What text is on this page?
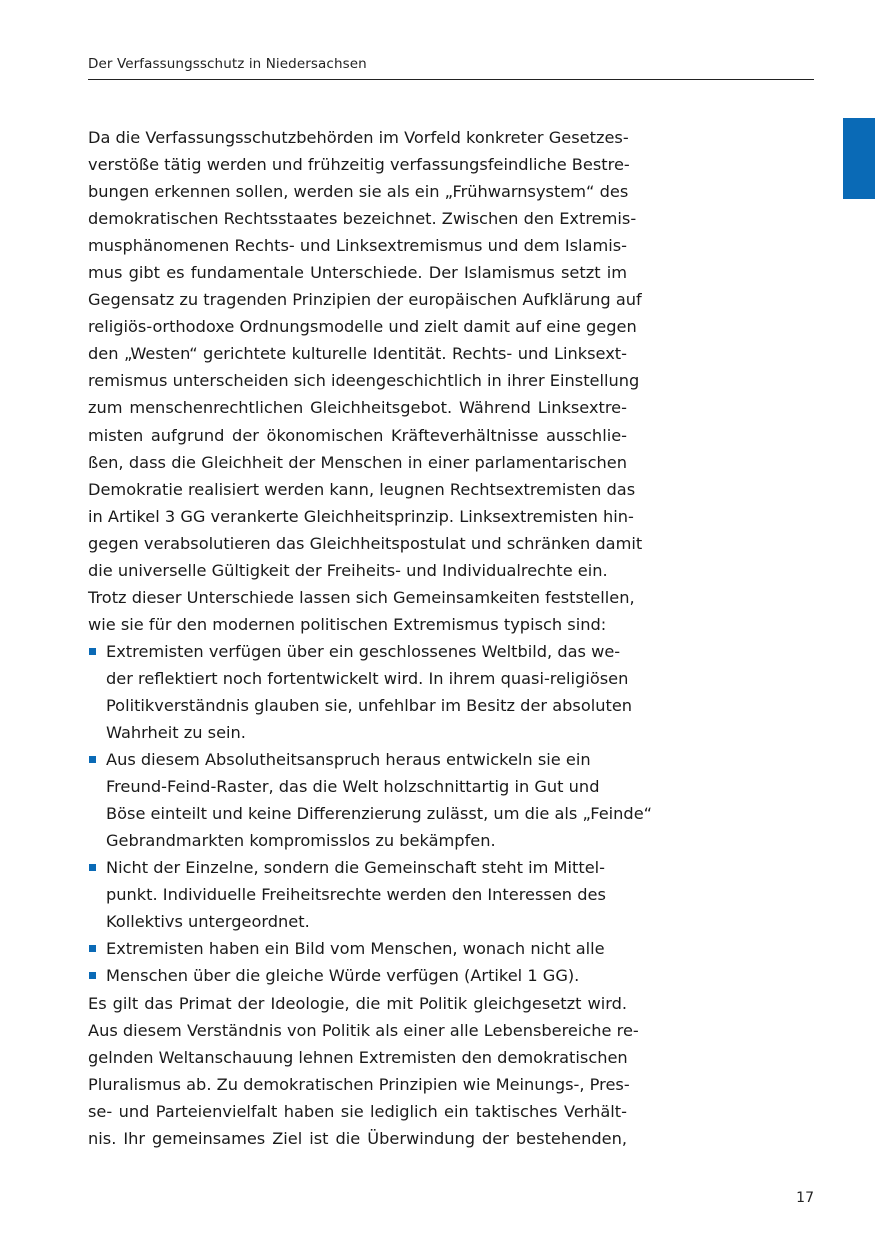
Der Verfassungsschutz in Niedersachsen

Da die Verfassungsschutzbehörden im Vorfeld konkreter Gesetzes-
verstöße tätig werden und frühzeitig verfassungsfeindliche Bestre-
bungen erkennen sollen, werden sie als ein „Frühwarnsystem“ des
demokratischen Rechtsstaates bezeichnet. Zwischen den Extremis-
musphänomenen Rechts- und Linksextremismus und dem Islamis-
mus gibt es fundamentale Unterschiede. Der Islamismus setzt im
Gegensatz zu tragenden Prinzipien der europäischen Aufklärung auf
religiös-orthodoxe Ordnungsmodelle und zielt damit auf eine gegen
den „Westen“ gerichtete kulturelle Identität. Rechts- und Linksext-
remismus unterscheiden sich ideengeschichtlich in ihrer Einstellung
zum menschenrechtlichen Gleichheitsgebot. Während Linksextre-
misten aufgrund der ökonomischen Kräfteverhältnisse ausschlie-
ßen, dass die Gleichheit der Menschen in einer parlamentarischen
Demokratie realisiert werden kann, leugnen Rechtsextremisten das
in Artikel 3 GG verankerte Gleichheitsprinzip. Linksextremisten hin-
gegen verabsolutieren das Gleichheitspostulat und schränken damit
die universelle Gültigkeit der Freiheits- und Individualrechte ein.

Trotz dieser Unterschiede lassen sich Gemeinsamkeiten feststellen,
wie sie für den modernen politischen Extremismus typisch sind:

Extremisten verfügen über ein geschlossenes Weltbild, das we-
der reflektiert noch fortentwickelt wird. In ihrem quasi-religiösen
Politikverständnis glauben sie, unfehlbar im Besitz der absoluten
Wahrheit zu sein.
Aus diesem Absolutheitsanspruch heraus entwickeln sie ein
Freund-Feind-Raster, das die Welt holzschnittartig in Gut und
Böse einteilt und keine Differenzierung zulässt, um die als „Feinde“
Gebrandmarkten kompromisslos zu bekämpfen.
Nicht der Einzelne, sondern die Gemeinschaft steht im Mittel-
punkt. Individuelle Freiheitsrechte werden den Interessen des
Kollektivs untergeordnet.
Extremisten haben ein Bild vom Menschen, wonach nicht alle
Menschen über die gleiche Würde verfügen (Artikel 1 GG).

Es gilt das Primat der Ideologie, die mit Politik gleichgesetzt wird.
Aus diesem Verständnis von Politik als einer alle Lebensbereiche re-
gelnden Weltanschauung lehnen Extremisten den demokratischen
Pluralismus ab. Zu demokratischen Prinzipien wie Meinungs-, Pres-
se- und Parteienvielfalt haben sie lediglich ein taktisches Verhält-
nis. Ihr gemeinsames Ziel ist die Überwindung der bestehenden,

17
